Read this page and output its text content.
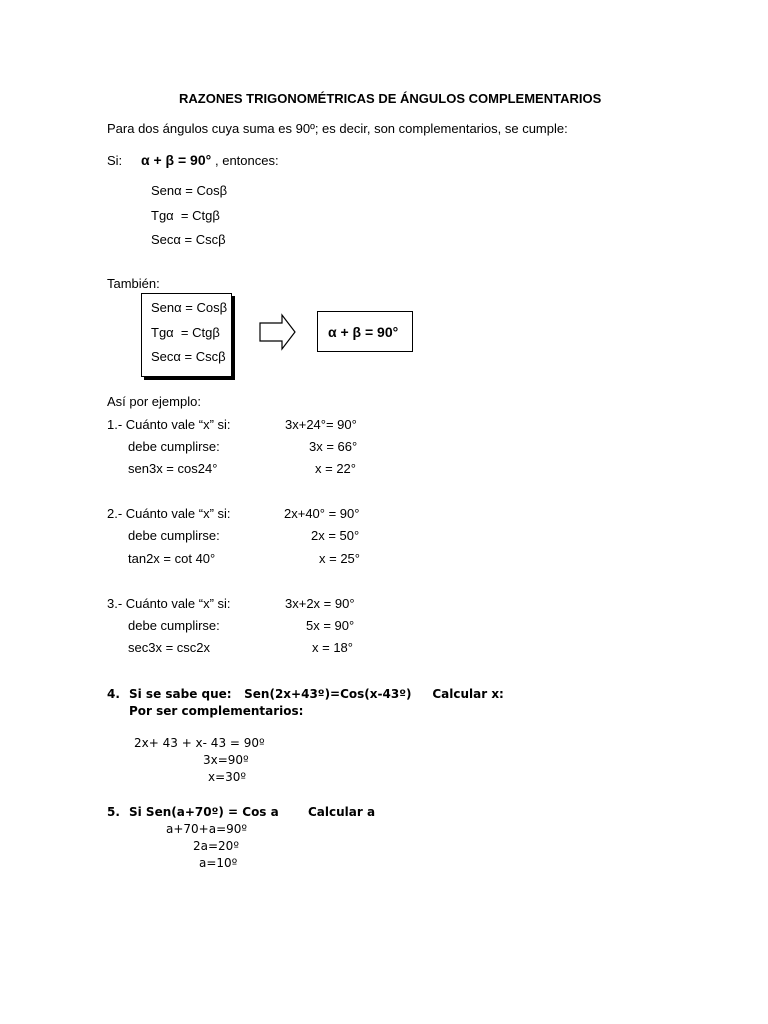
RAZONES TRIGONOMÉTRICAS DE ÁNGULOS COMPLEMENTARIOS
Para dos ángulos cuya suma es 90º; es decir, son complementarios, se cumple:
Si: α + β = 90° , entonces:
Senα = Cosβ
Tgα  = Ctgβ
Secα = Cscβ
También:
Senα = Cosβ
Tgα  = Ctgβ
Secα = Cscβ
α + β = 90°
Así por ejemplo:
1.- Cuánto vale “x” si:	3x+24°= 90°
debe cumplirse:	3x = 66°
sen3x = cos24°	x = 22°
2.- Cuánto vale “x” si:	2x+40° = 90°
debe cumplirse:	2x = 50°
tan2x = cot 40°	x = 25°
3.- Cuánto vale “x” si:	3x+2x = 90°
debe cumplirse:	5x = 90°
sec3x = csc2x	x = 18°
4. Si se sabe que:   Sen(2x+43º)=Cos(x-43º)     Calcular x:
Por ser complementarios:
2x+ 43 + x- 43 = 90º
3x=90º
x=30º
5. Si Sen(a+70º) = Cos a       Calcular a
a+70+a=90º
2a=20º
a=10º
